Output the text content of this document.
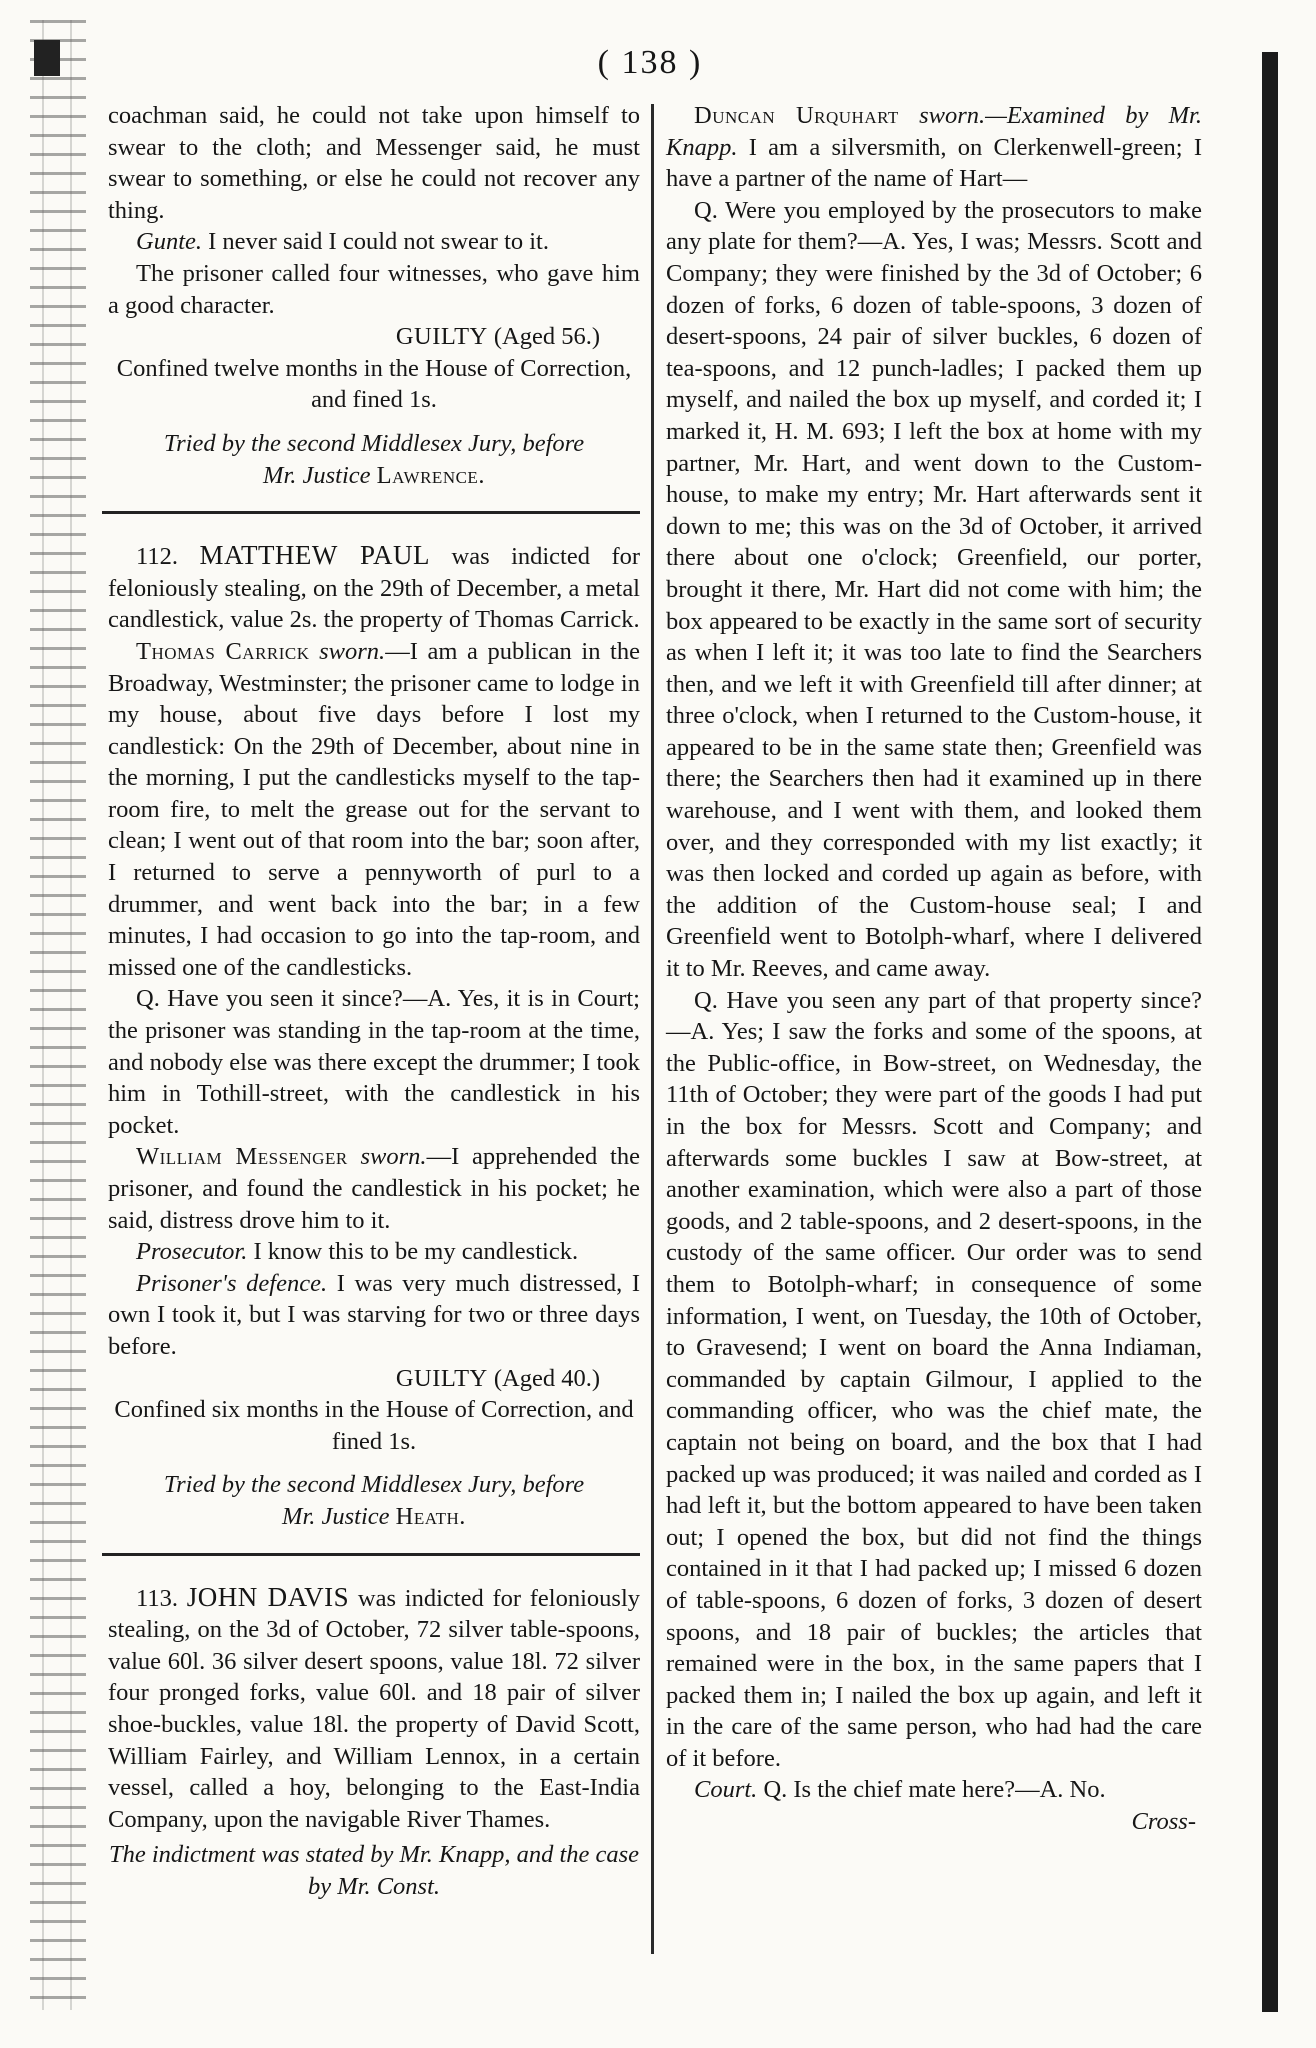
( 138 )

coachman said, he could not take upon himself to swear to the cloth; and Messenger said, he must swear to something, or else he could not recover any thing.

Gunte. I never said I could not swear to it.

The prisoner called four witnesses, who gave him a good character.

GUILTY (Aged 56.)

Confined twelve months in the House of Correction, and fined 1s.

Tried by the second Middlesex Jury, before
Mr. Justice Lawrence.

112. MATTHEW PAUL was indicted for feloniously stealing, on the 29th of December, a metal candlestick, value 2s. the property of Thomas Carrick.

Thomas Carrick sworn.—I am a publican in the Broadway, Westminster; the prisoner came to lodge in my house, about five days before I lost my candlestick: On the 29th of December, about nine in the morning, I put the candlesticks myself to the tap-room fire, to melt the grease out for the servant to clean; I went out of that room into the bar; soon after, I returned to serve a pennyworth of purl to a drummer, and went back into the bar; in a few minutes, I had occasion to go into the tap-room, and missed one of the candlesticks.

Q. Have you seen it since?—A. Yes, it is in Court; the prisoner was standing in the tap-room at the time, and nobody else was there except the drummer; I took him in Tothill-street, with the candlestick in his pocket.

William Messenger sworn.—I apprehended the prisoner, and found the candlestick in his pocket; he said, distress drove him to it.

Prosecutor. I know this to be my candlestick.

Prisoner's defence. I was very much distressed, I own I took it, but I was starving for two or three days before.

GUILTY (Aged 40.)

Confined six months in the House of Correction, and fined 1s.

Tried by the second Middlesex Jury, before
Mr. Justice Heath.

113. JOHN DAVIS was indicted for feloniously stealing, on the 3d of October, 72 silver table-spoons, value 60l. 36 silver desert spoons, value 18l. 72 silver four pronged forks, value 60l. and 18 pair of silver shoe-buckles, value 18l. the property of David Scott, William Fairley, and William Lennox, in a certain vessel, called a hoy, belonging to the East-India Company, upon the navigable River Thames.

The indictment was stated by Mr. Knapp, and the case by Mr. Const.

Duncan Urquhart sworn.—Examined by Mr. Knapp. I am a silversmith, on Clerkenwell-green; I have a partner of the name of Hart—

Q. Were you employed by the prosecutors to make any plate for them?—A. Yes, I was; Messrs. Scott and Company; they were finished by the 3d of October; 6 dozen of forks, 6 dozen of table-spoons, 3 dozen of desert-spoons, 24 pair of silver buckles, 6 dozen of tea-spoons, and 12 punch-ladles; I packed them up myself, and nailed the box up myself, and corded it; I marked it, H. M. 693; I left the box at home with my partner, Mr. Hart, and went down to the Custom-house, to make my entry; Mr. Hart afterwards sent it down to me; this was on the 3d of October, it arrived there about one o'clock; Greenfield, our porter, brought it there, Mr. Hart did not come with him; the box appeared to be exactly in the same sort of security as when I left it; it was too late to find the Searchers then, and we left it with Greenfield till after dinner; at three o'clock, when I returned to the Custom-house, it appeared to be in the same state then; Greenfield was there; the Searchers then had it examined up in there warehouse, and I went with them, and looked them over, and they corresponded with my list exactly; it was then locked and corded up again as before, with the addition of the Custom-house seal; I and Greenfield went to Botolph-wharf, where I delivered it to Mr. Reeves, and came away.

Q. Have you seen any part of that property since?—A. Yes; I saw the forks and some of the spoons, at the Public-office, in Bow-street, on Wednesday, the 11th of October; they were part of the goods I had put in the box for Messrs. Scott and Company; and afterwards some buckles I saw at Bow-street, at another examination, which were also a part of those goods, and 2 table-spoons, and 2 desert-spoons, in the custody of the same officer. Our order was to send them to Botolph-wharf; in consequence of some information, I went, on Tuesday, the 10th of October, to Gravesend; I went on board the Anna Indiaman, commanded by captain Gilmour, I applied to the commanding officer, who was the chief mate, the captain not being on board, and the box that I had packed up was produced; it was nailed and corded as I had left it, but the bottom appeared to have been taken out; I opened the box, but did not find the things contained in it that I had packed up; I missed 6 dozen of table-spoons, 6 dozen of forks, 3 dozen of desert spoons, and 18 pair of buckles; the articles that remained were in the box, in the same papers that I packed them in; I nailed the box up again, and left it in the care of the same person, who had had the care of it before.

Court. Q. Is the chief mate here?—A. No.

Cross-
